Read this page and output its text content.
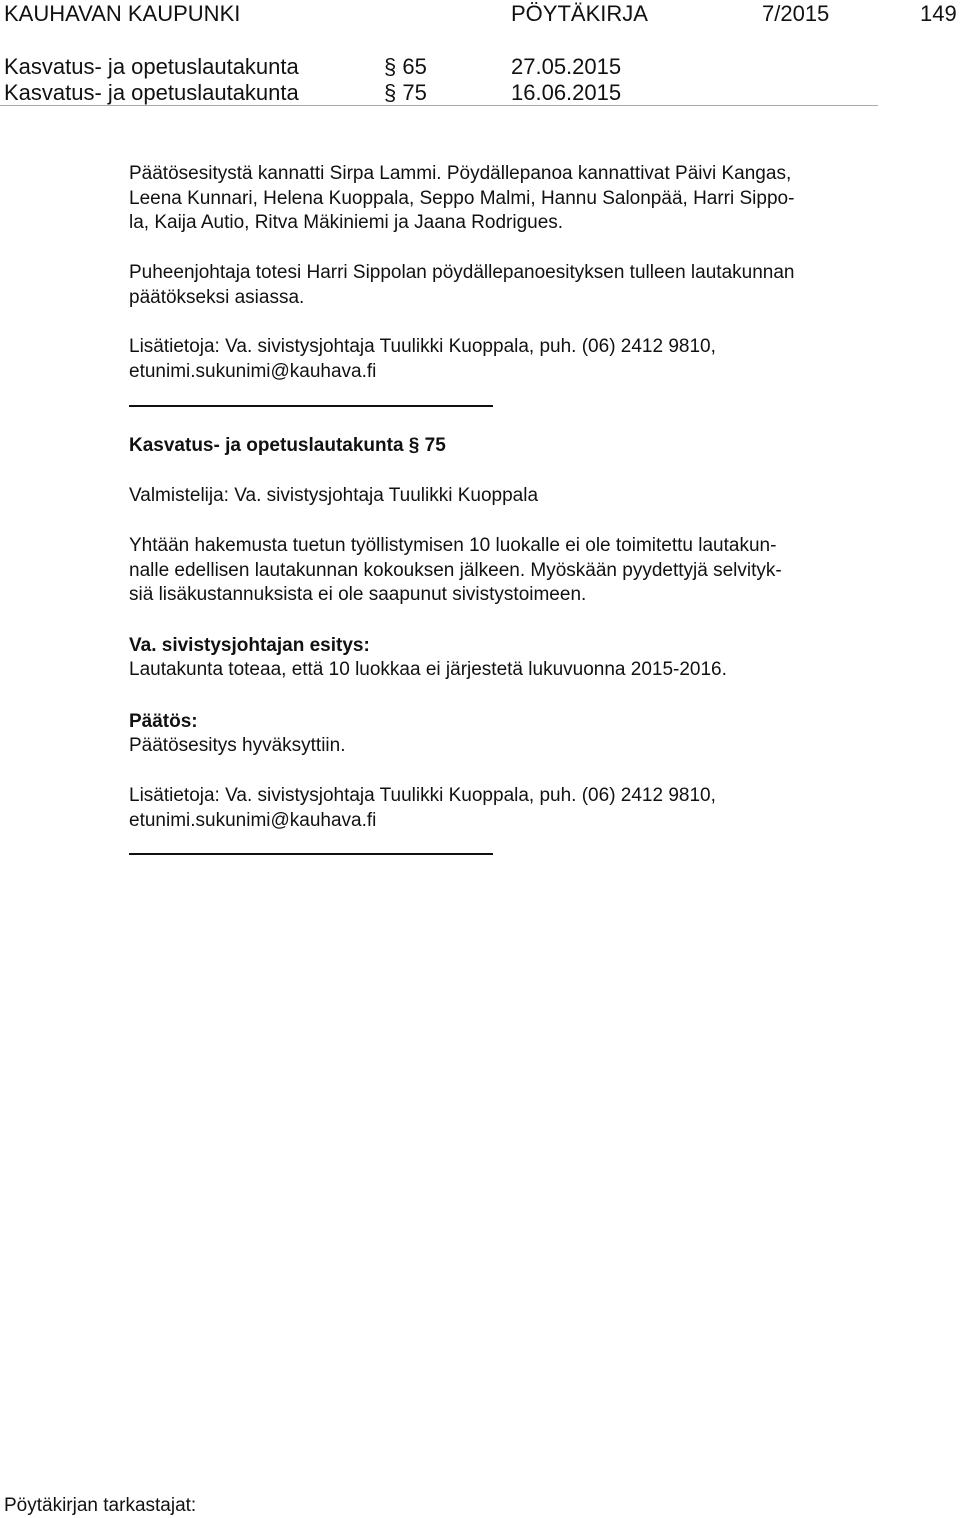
KAUHAVAN KAUPUNKI	PÖYTÄKIRJA	7/2015	149
Kasvatus- ja opetuslautakunta	§ 65	27.05.2015
Kasvatus- ja opetuslautakunta	§ 75	16.06.2015
Päätösesitystä kannatti Sirpa Lammi. Pöydällepanoa kannattivat Päivi Kangas,
Leena Kunnari, Helena Kuoppala, Seppo Malmi, Hannu Salonpää, Harri Sippo-
la, Kaija Autio, Ritva Mäkiniemi ja Jaana Rodrigues.
Puheenjohtaja totesi Harri Sippolan pöydällepanoesityksen tulleen lautakunnan
päätökseksi asiassa.
Lisätietoja: Va. sivistysjohtaja Tuulikki Kuoppala, puh. (06) 2412 9810,
etunimi.sukunimi@kauhava.fi
Kasvatus- ja opetuslautakunta § 75
Valmistelija: Va. sivistysjohtaja Tuulikki Kuoppala
Yhtään hakemusta tuetun työllistymisen 10 luokalle ei ole toimitettu lautakun-
nalle edellisen lautakunnan kokouksen jälkeen. Myöskään pyydettyjä selvityk-
siä lisäkustannuksista ei ole saapunut sivistystoimeen.
Va. sivistysjohtajan esitys:
Lautakunta toteaa, että 10 luokkaa ei järjestetä lukuvuonna 2015-2016.
Päätös:
Päätösesitys hyväksyttiin.
Lisätietoja: Va. sivistysjohtaja Tuulikki Kuoppala, puh. (06) 2412 9810,
etunimi.sukunimi@kauhava.fi
Pöytäkirjan tarkastajat:
